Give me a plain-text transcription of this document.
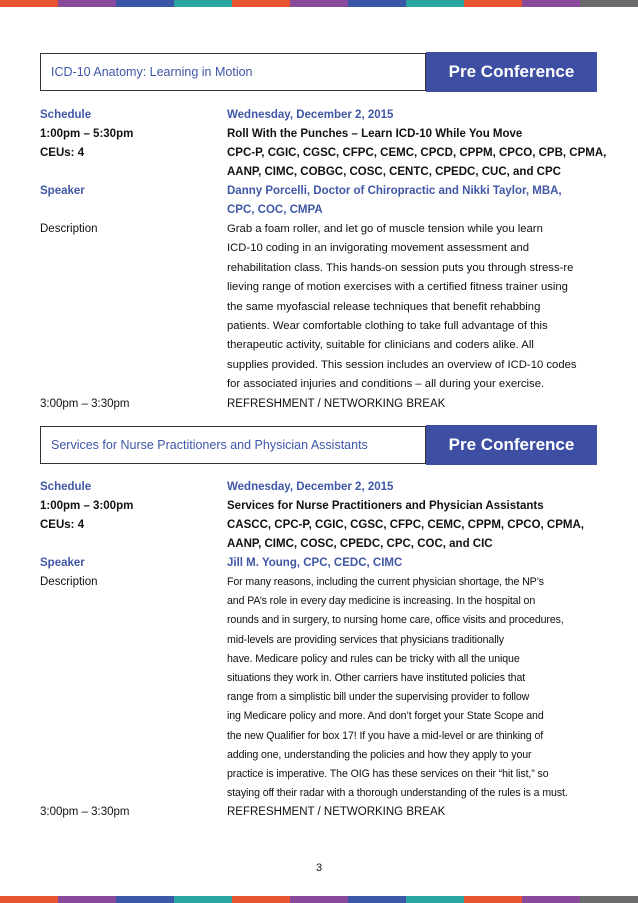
ICD-10 Anatomy: Learning in Motion	Pre Conference
Schedule	Wednesday, December 2, 2015
1:00pm – 5:30pm	Roll With the Punches – Learn ICD-10 While You Move
CEUs: 4	CPC-P, CGIC, CGSC, CFPC, CEMC, CPCD, CPPM, CPCO, CPB, CPMA,
AANP, CIMC, COBGC, COSC, CENTC, CPEDC, CUC, and CPC
Speaker	Danny Porcelli, Doctor of Chiropractic and Nikki Taylor, MBA,
CPC, COC, CMPA
Description	Grab a foam roller, and let go of muscle tension while you learn
ICD-10 coding in an invigorating movement assessment and
rehabilitation class. This hands-on session puts you through stress-re
lieving range of motion exercises with a certified fitness trainer using
the same myofascial release techniques that benefit rehabbing
patients. Wear comfortable clothing to take full advantage of this
therapeutic activity, suitable for clinicians and coders alike. All
supplies provided. This session includes an overview of ICD-10 codes
for associated injuries and conditions – all during your exercise.
3:00pm – 3:30pm	REFRESHMENT / NETWORKING BREAK
Services for Nurse Practitioners and Physician Assistants	Pre Conference
Schedule	Wednesday, December 2, 2015
1:00pm – 3:00pm	Services for Nurse Practitioners and Physician Assistants
CEUs: 4	CASCC, CPC-P, CGIC, CGSC, CFPC, CEMC, CPPM, CPCO, CPMA,
AANP, CIMC, COSC, CPEDC, CPC, COC, and CIC
Speaker	Jill M. Young, CPC, CEDC, CIMC
Description	For many reasons, including the current physician shortage, the NP’s
and PA’s role in every day medicine is increasing. In the hospital on
rounds and in surgery, to nursing home care, office visits and procedures,
mid-levels are providing services that physicians traditionally
have. Medicare policy and rules can be tricky with all the unique
situations they work in. Other carriers have instituted policies that
range from a simplistic bill under the supervising provider to follow
ing Medicare policy and more. And don’t forget your State Scope and
the new Qualifier for box 17! If you have a mid-level or are thinking of
adding one, understanding the policies and how they apply to your
practice is imperative. The OIG has these services on their “hit list,” so
staying off their radar with a thorough understanding of the rules is a must.
3:00pm – 3:30pm	REFRESHMENT / NETWORKING BREAK
3
